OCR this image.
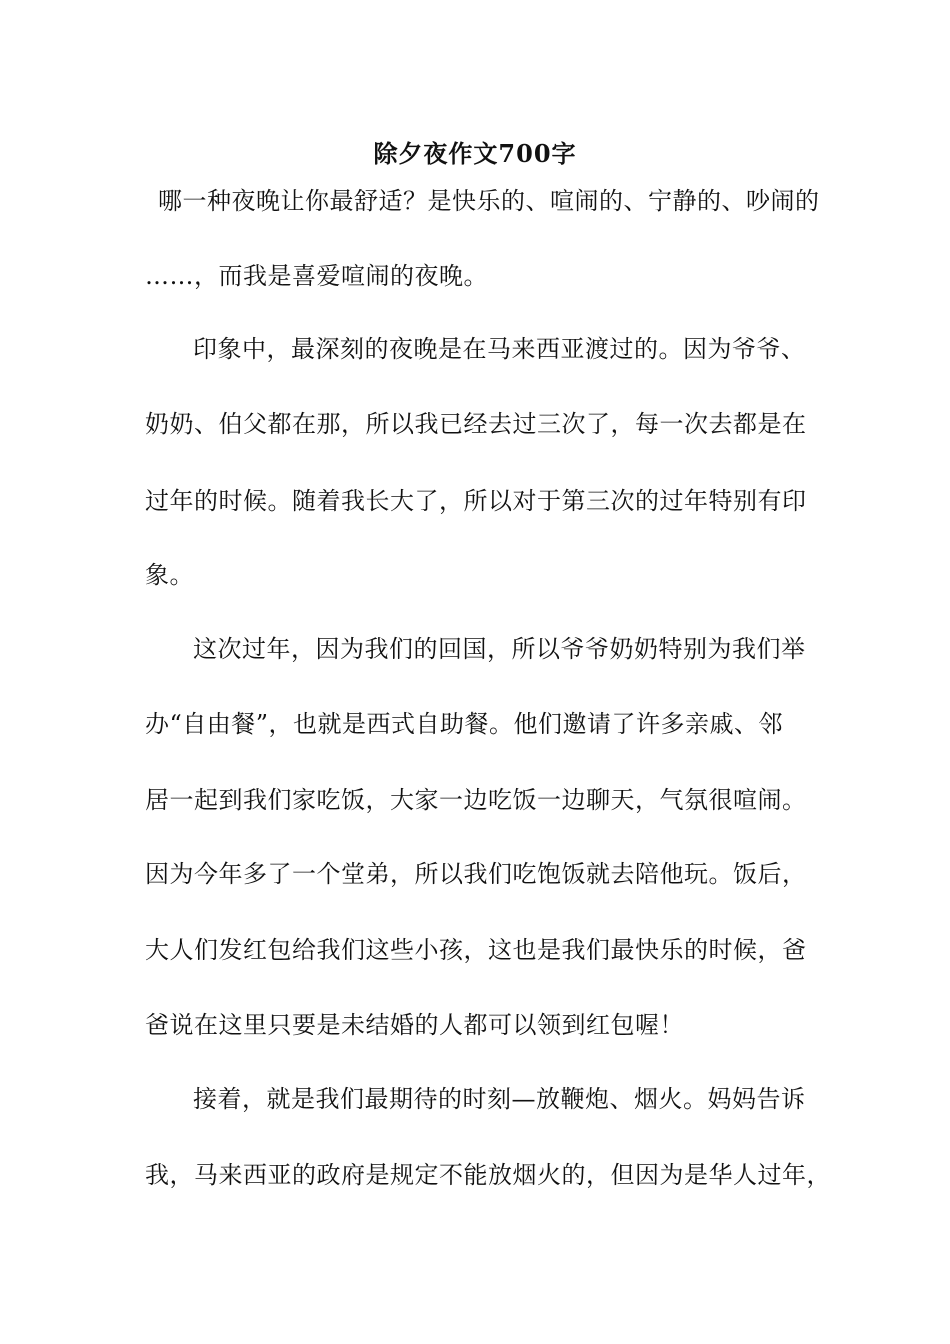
除夕夜作文700字
哪一种夜晚让你最舒适？是快乐的、喧闹的、宁静的、吵闹的
……，而我是喜爱喧闹的夜晚。
印象中，最深刻的夜晚是在马来西亚渡过的。因为爷爷、
奶奶、伯父都在那，所以我已经去过三次了，每一次去都是在
过年的时候。随着我长大了，所以对于第三次的过年特别有印
象。
这次过年，因为我们的回国，所以爷爷奶奶特别为我们举
办“自由餐”，也就是西式自助餐。他们邀请了许多亲戚、邻
居一起到我们家吃饭，大家一边吃饭一边聊天，气氛很喧闹。
因为今年多了一个堂弟，所以我们吃饱饭就去陪他玩。饭后，
大人们发红包给我们这些小孩，这也是我们最快乐的时候，爸
爸说在这里只要是未结婚的人都可以领到红包喔！
接着，就是我们最期待的时刻—放鞭炮、烟火。妈妈告诉
我，马来西亚的政府是规定不能放烟火的，但因为是华人过年，
